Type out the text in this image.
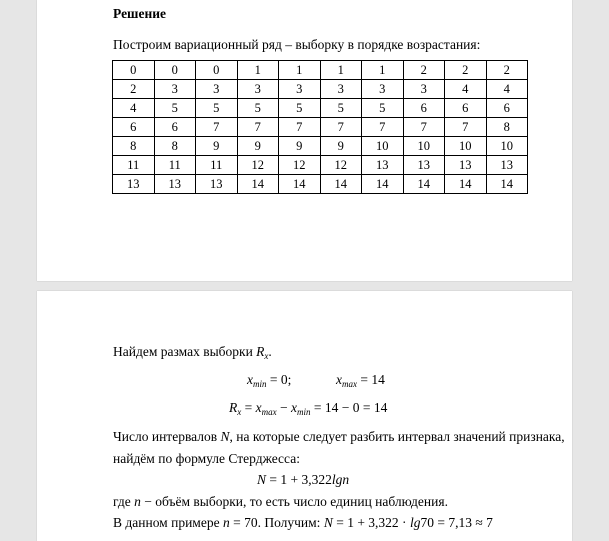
Решение
Построим вариационный ряд – выборку в порядке возрастания:
0	0	0	1	1	1	1	2	2	2
2	3	3	3	3	3	3	3	4	4
4	5	5	5	5	5	5	6	6	6
6	6	7	7	7	7	7	7	7	8
8	8	9	9	9	9	10	10	10	10
11	11	11	12	12	12	13	13	13	13
13	13	13	14	14	14	14	14	14	14
Найдем размах выборки $R_x$.
$x_{min} = 0$;	$x_{max} = 14$
$R_x = x_{max} - x_{min} = 14 - 0 = 14$
Число интервалов N, на которые следует разбить интервал значений признака,
найдём по формуле Стерджесса:
N = 1 + 3,322lgn
где n − объём выборки, то есть число единиц наблюдения.
В данном примере n = 70. Получим: N = 1 + 3,322 · lg70 = 7,13 ≈ 7
